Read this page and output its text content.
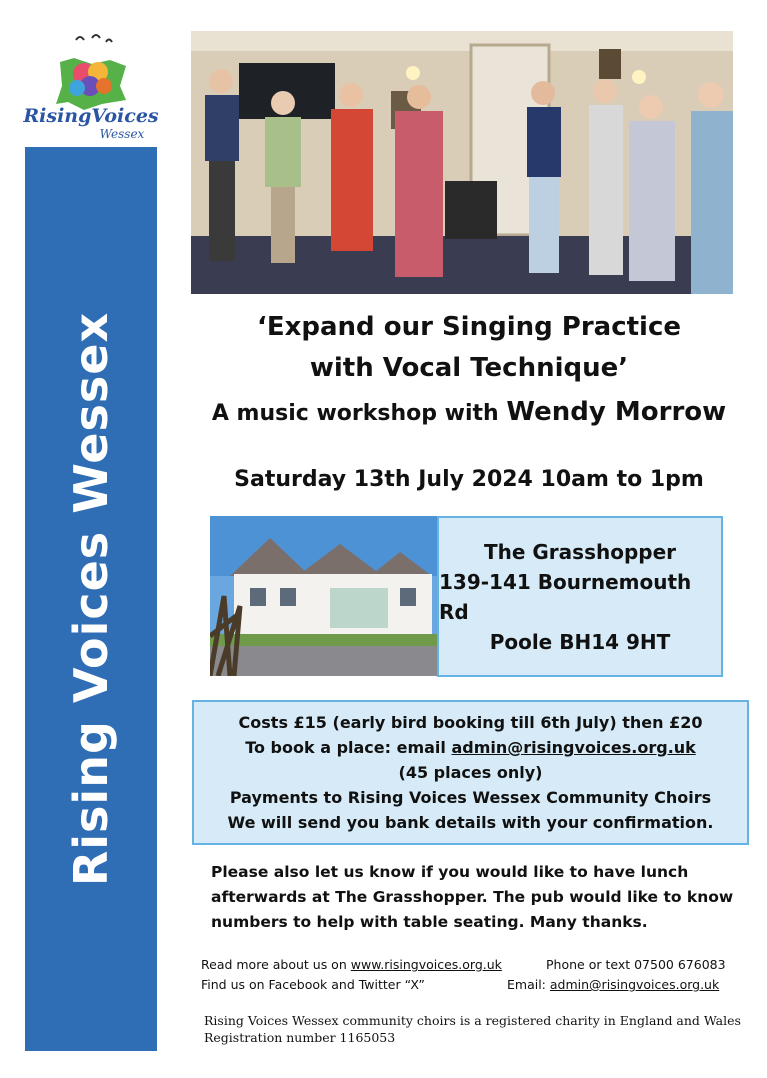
RisingVoices
Wessex
Rising Voices Wessex	‘Expand our Singing Practice
with Vocal Technique’
A music workshop with Wendy Morrow
Saturday 13th July 2024 10am to 1pm
The Grasshopper
139-141 Bournemouth Rd
Poole BH14 9HT
Costs £15 (early bird booking till 6th July) then £20
To book a place: email admin@risingvoices.org.uk
(45 places only)
Payments to Rising Voices Wessex Community Choirs
We will send you bank details with your confirmation.
Please also let us know if you would like to have lunch
afterwards at The Grasshopper. The pub would like to know
numbers to help with table seating. Many thanks.
Read more about us on www.risingvoices.org.uk	Phone or text 07500 676083
Find us on Facebook and Twitter “X”	Email: admin@risingvoices.org.uk
Rising Voices Wessex community choirs is a registered charity in England and Wales
Registration number 1165053
